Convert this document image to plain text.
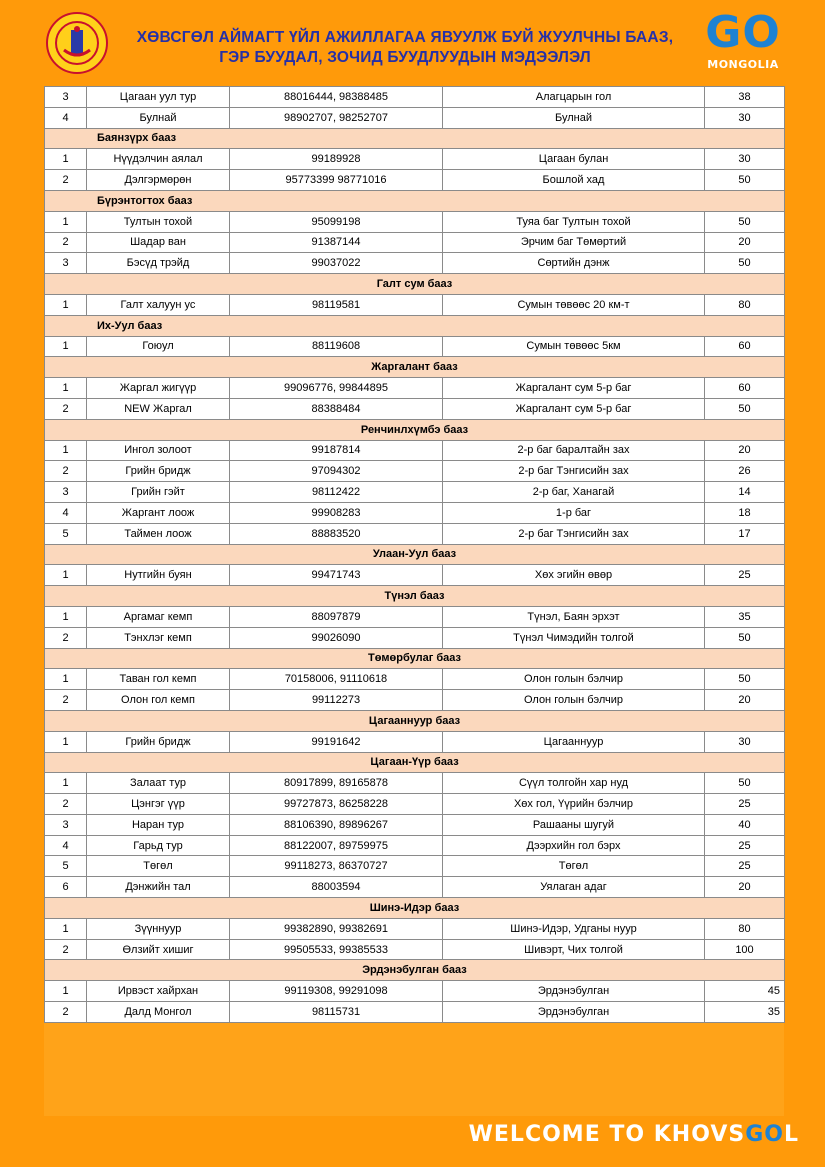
ХӨВСГӨЛ АЙМАГТ ҮЙЛ АЖИЛЛАГАА ЯВУУЛЖ БУЙ ЖУУЛЧНЫ БААЗ,
ГЭР БУУДАЛ, ЗОЧИД БУУДЛУУДЫН МЭДЭЭЛЭЛ	GO
MONGOLIA
3	Цагаан уул тур	88016444, 98388485	Алагцарын гол	38
4	Булнай	98902707, 98252707	Булнай	30
Баянзүрх бааз				
1	Нүүдэлчин аялал	99189928	Цагаан булан	30
2	Дэлгэрмөрөн	95773399 98771016	Бошлой хад	50
Бүрэнтогтох бааз				
1	Тултын тохой	95099198	Туяа баг Тултын тохой	50
2	Шадар ван	91387144	Эрчим баг Төмөртий	20
3	Бэсүд трэйд	99037022	Сөртийн дэнж	50
Галт сум бааз				
1	Галт халуун ус	98119581	Сумын төвөөс 20 км-т	80
Их-Уул бааз				
1	Гоюул	88119608	Сумын төвөөс 5км	60
Жаргалант бааз				
1	Жаргал жигүүр	99096776, 99844895	Жаргалант сум 5-р баг	60
2	NEW Жаргал	88388484	Жаргалант сум 5-р баг	50
Ренчинлхүмбэ бааз				
1	Ингол золоот	99187814	2-р баг баралтайн зах	20
2	Грийн бридж	97094302	2-р баг Тэнгисийн зах	26
3	Грийн гэйт	98112422	2-р баг, Ханагай	14
4	Жаргант лоож	99908283	1-р баг	18
5	Таймен лоож	88883520	2-р баг Тэнгисийн зах	17
Улаан-Уул бааз				
1	Нутгийн буян	99471743	Хөх эгийн өвөр	25
Түнэл бааз				
1	Аргамаг кемп	88097879	Түнэл, Баян эрхэт	35
2	Тэнхлэг кемп	99026090	Түнэл Чимэдийн толгой	50
Төмөрбулаг бааз				
1	Таван гол кемп	70158006, 91110618	Олон голын бэлчир	50
2	Олон гол кемп	99112273	Олон голын бэлчир	20
Цагааннуур бааз				
1	Грийн бридж	99191642	Цагааннуур	30
Цагаан-Үүр бааз				
1	Залаат тур	80917899, 89165878	Сүүл толгойн хар нуд	50
2	Цэнгэг үүр	99727873, 86258228	Хөх гол, Үүрийн бэлчир	25
3	Наран тур	88106390, 89896267	Рашааны шугуй	40
4	Гарьд тур	88122007, 89759975	Дээрхийн гол бэрх	25
5	Төгөл	99118273, 86370727	Төгөл	25
6	Дэнжийн тал	88003594	Уялаган адаг	20
Шинэ-Идэр бааз				
1	Зүүннуур	99382890, 99382691	Шинэ-Идэр, Удганы нуур	80
2	Өлзийт хишиг	99505533, 99385533	Шивэрт, Чих толгой	100
Эрдэнэбулган бааз				
1	Ирвэст хайрхан	99119308, 99291098	Эрдэнэбулган	45
2	Далд Монгол	98115731	Эрдэнэбулган	35
WELCOME TO KHOVSGOL
